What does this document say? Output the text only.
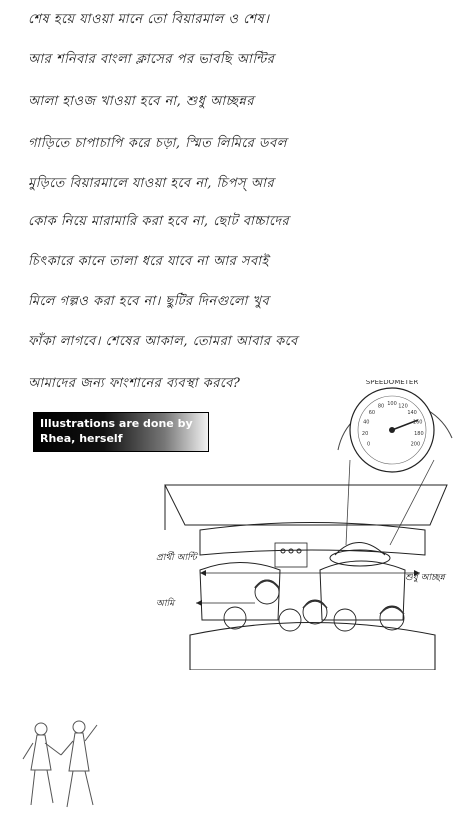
শেষ হয়ে যাওয়া মানে তো বিয়ারমাল ও শেষ।
আর শনিবার বাংলা ক্লাসের পর ভাবছি আন্টির
আলা হাওজ খাওয়া হবে না, শুধু আচ্ছন্নর
গাড়িতে চাপাচাপি করে চড়া, স্মিত লিমিরে ডবল
মুড়িতে বিয়ারমালে যাওয়া হবে না, চিপস্‌ আর
কোক নিয়ে মারামারি করা হবে না, ছোট বাচ্চাদের
চিৎকারে কানে তালা ধরে যাবে না আর সবাই
মিলে গল্পও করা হবে না। ছুটির দিনগুলো খুব
ফাঁকা লাগবে। শেষের আকাল, তোমরা আবার কবে
আমাদের জন্য ফাংশানের ব্যবস্থা করবে?
Illustrations are done by Rhea, herself
SPEEDOMETER
0
20
40
60
80 100 120
140
160
180
200
প্রার্থী আন্টি
আমি
শুধু আচ্ছন্ন
